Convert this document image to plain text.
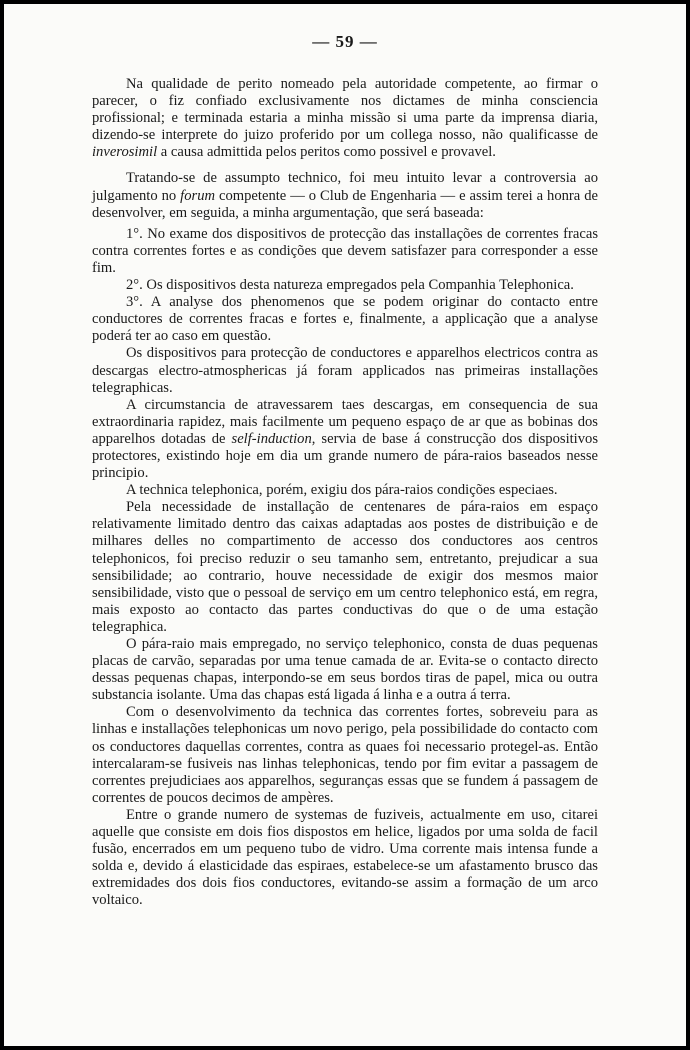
— 59 —

Na qualidade de perito nomeado pela autoridade competente, ao firmar o parecer, o fiz confiado exclusivamente nos dictames de minha consciencia profissional; e terminada estaria a minha missão si uma parte da imprensa diaria, dizendo-se interprete do juizo proferido por um collega nosso, não qualificasse de inverosimil a causa admittida pelos peritos como possivel e provavel.

Tratando-se de assumpto technico, foi meu intuito levar a controversia ao julgamento no forum competente — o Club de Engenharia — e assim terei a honra de desenvolver, em seguida, a minha argumentação, que será baseada:

1°. No exame dos dispositivos de protecção das installações de correntes fracas contra correntes fortes e as condições que devem satisfazer para corresponder a esse fim.

2°. Os dispositivos desta natureza empregados pela Companhia Telephonica.

3°. A analyse dos phenomenos que se podem originar do contacto entre conductores de correntes fracas e fortes e, finalmente, a applicação que a analyse poderá ter ao caso em questão.

Os dispositivos para protecção de conductores e apparelhos electricos contra as descargas electro-atmosphericas já foram applicados nas primeiras installações telegraphicas.

A circumstancia de atravessarem taes descargas, em consequencia de sua extraordinaria rapidez, mais facilmente um pequeno espaço de ar que as bobinas dos apparelhos dotadas de self-induction, servia de base á construcção dos dispositivos protectores, existindo hoje em dia um grande numero de pára-raios baseados nesse principio.

A technica telephonica, porém, exigiu dos pára-raios condições especiaes.

Pela necessidade de installação de centenares de pára-raios em espaço relativamente limitado dentro das caixas adaptadas aos postes de distribuição e de milhares delles no compartimento de accesso dos conductores aos centros telephonicos, foi preciso reduzir o seu tamanho sem, entretanto, prejudicar a sua sensibilidade; ao contrario, houve necessidade de exigir dos mesmos maior sensibilidade, visto que o pessoal de serviço em um centro telephonico está, em regra, mais exposto ao contacto das partes conductivas do que o de uma estação telegraphica.

O pára-raio mais empregado, no serviço telephonico, consta de duas pequenas placas de carvão, separadas por uma tenue camada de ar. Evita-se o contacto directo dessas pequenas chapas, interpondo-se em seus bordos tiras de papel, mica ou outra substancia isolante. Uma das chapas está ligada á linha e a outra á terra.

Com o desenvolvimento da technica das correntes fortes, sobreveiu para as linhas e installações telephonicas um novo perigo, pela possibilidade do contacto com os conductores daquellas correntes, contra as quaes foi necessario protegel-as. Então intercalaram-se fusiveis nas linhas telephonicas, tendo por fim evitar a passagem de correntes prejudiciaes aos apparelhos, seguranças essas que se fundem á passagem de correntes de poucos decimos de ampères.

Entre o grande numero de systemas de fuziveis, actualmente em uso, citarei aquelle que consiste em dois fios dispostos em helice, ligados por uma solda de facil fusão, encerrados em um pequeno tubo de vidro. Uma corrente mais intensa funde a solda e, devido á elasticidade das espiraes, estabelece-se um afastamento brusco das extremidades dos dois fios conductores, evitando-se assim a formação de um arco voltaico.
